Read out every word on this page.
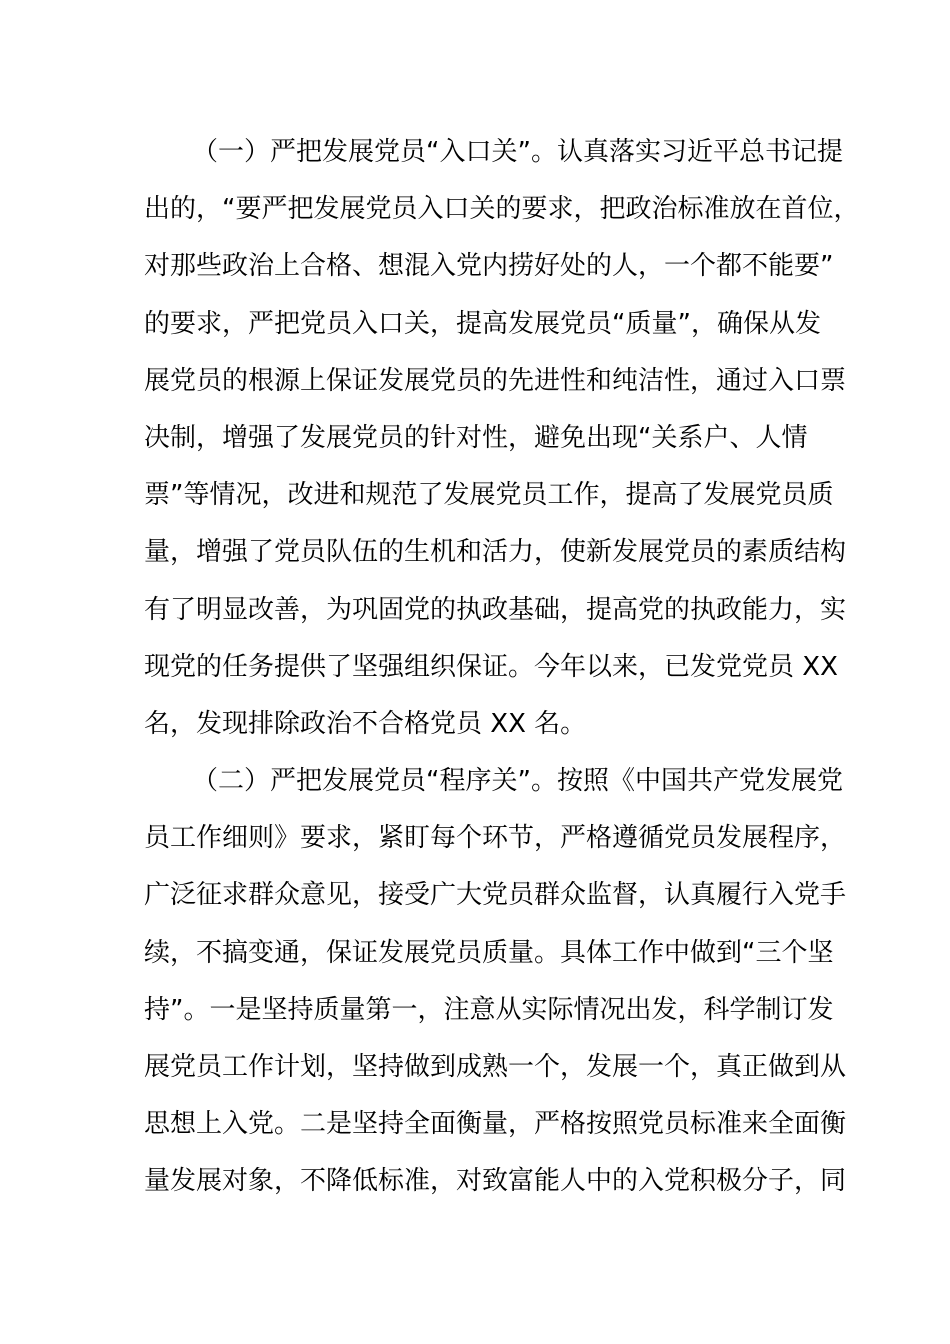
（一）严把发展党员“入口关”。认真落实习近平总书记提
出的，“要严把发展党员入口关的要求，把政治标准放在首位，
对那些政治上合格、想混入党内捞好处的人，一个都不能要”
的要求，严把党员入口关，提高发展党员“质量”，确保从发
展党员的根源上保证发展党员的先进性和纯洁性，通过入口票
决制，增强了发展党员的针对性，避免出现“关系户、人情
票”等情况，改进和规范了发展党员工作，提高了发展党员质
量，增强了党员队伍的生机和活力，使新发展党员的素质结构
有了明显改善，为巩固党的执政基础，提高党的执政能力，实
现党的任务提供了坚强组织保证。今年以来，已发党党员 XX
名，发现排除政治不合格党员 XX 名。
（二）严把发展党员“程序关”。按照《中国共产党发展党
员工作细则》要求，紧盯每个环节，严格遵循党员发展程序，
广泛征求群众意见，接受广大党员群众监督，认真履行入党手
续，不搞变通，保证发展党员质量。具体工作中做到“三个坚
持”。一是坚持质量第一，注意从实际情况出发，科学制订发
展党员工作计划，坚持做到成熟一个，发展一个，真正做到从
思想上入党。二是坚持全面衡量，严格按照党员标准来全面衡
量发展对象，不降低标准，对致富能人中的入党积极分子，同
